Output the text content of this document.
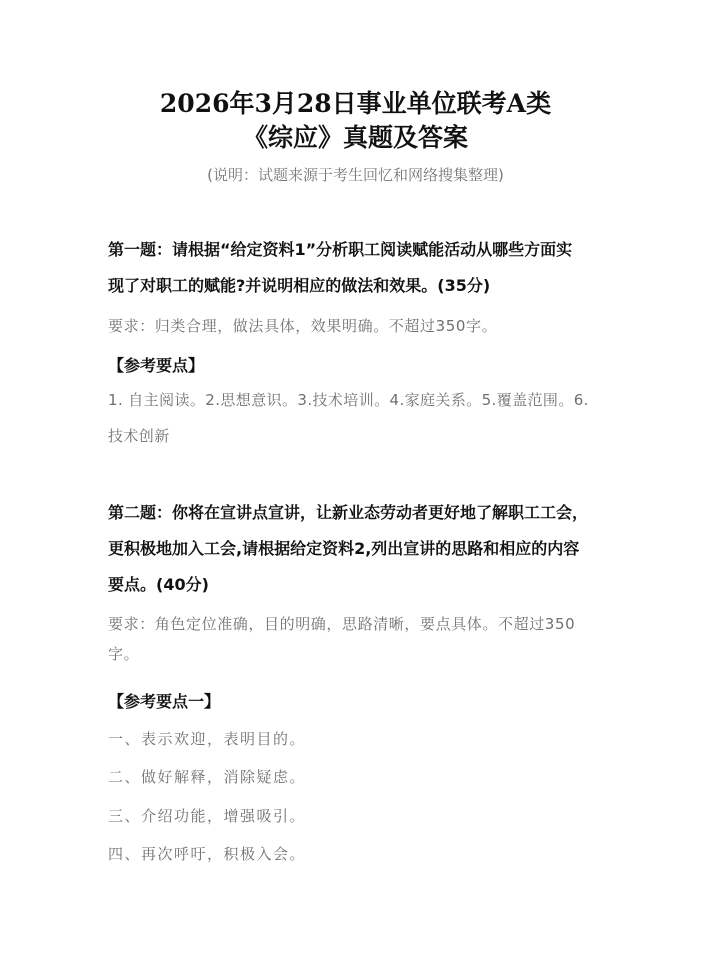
2026年3月28日事业单位联考A类
《综应》真题及答案
(说明：试题来源于考生回忆和网络搜集整理)
第一题：请根据“给定资料1”分析职工阅读赋能活动从哪些方面实
现了对职工的赋能?并说明相应的做法和效果。(35分)
要求：归类合理，做法具体，效果明确。不超过350字。
【参考要点】
1. 自主阅读。2.思想意识。3.技术培训。4.家庭关系。5.覆盖范围。6.
技术创新
第二题：你将在宣讲点宣讲，让新业态劳动者更好地了解职工工会，
更积极地加入工会,请根据给定资料2,列出宣讲的思路和相应的内容
要点。(40分)
要求：角色定位准确，目的明确，思路清晰，要点具体。不超过350
字。
【参考要点一】
一、表示欢迎，表明目的。
二、做好解释，消除疑虑。
三、介绍功能，增强吸引。
四、再次呼吁，积极入会。
